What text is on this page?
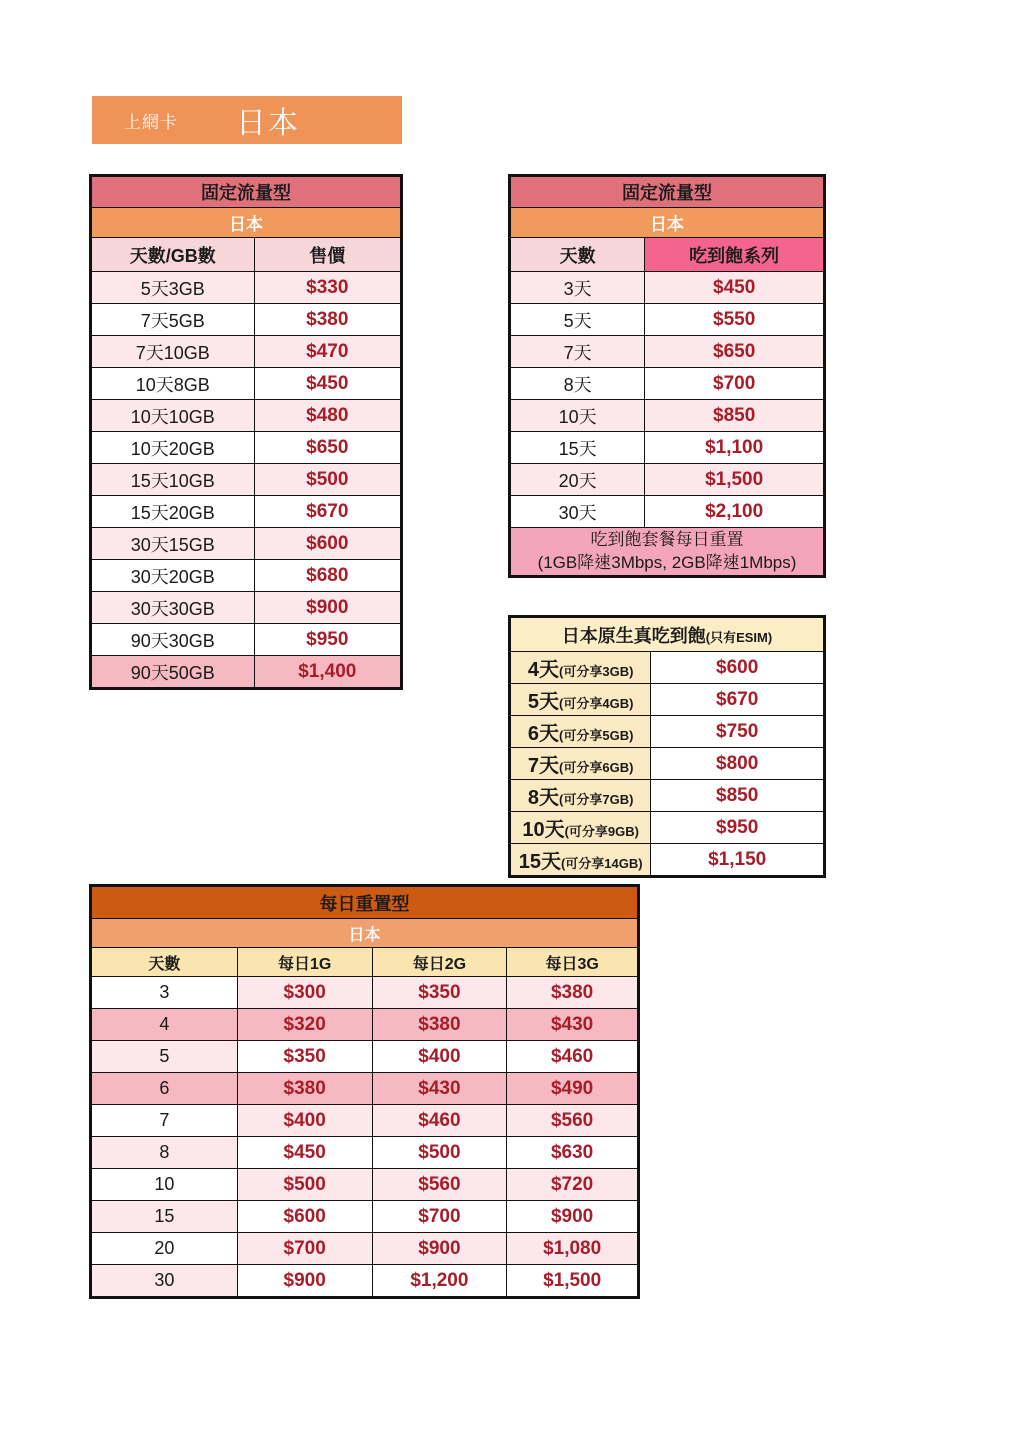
上網卡 日本
固定流量型	
日本	
天數/GB數	售價
5天3GB	$330
7天5GB	$380
7天10GB	$470
10天8GB	$450
10天10GB	$480
10天20GB	$650
15天10GB	$500
15天20GB	$670
30天15GB	$600
30天20GB	$680
30天30GB	$900
90天30GB	$950
90天50GB	$1,400
固定流量型	
日本	
天數	吃到飽系列
3天	$450
5天	$550
7天	$650
8天	$700
10天	$850
15天	$1,100
20天	$1,500
30天	$2,100

吃到飽套餐每日重置
(1GB降速3Mbps, 2GB降速1Mbps)	
日本原生真吃到飽(只有ESIM)	
4天(可分享3GB)	$600
5天(可分享4GB)	$670
6天(可分享5GB)	$750
7天(可分享6GB)	$800
8天(可分享7GB)	$850
10天(可分享9GB)	$950
15天(可分享14GB)	$1,150
每日重置型			
日本			
天數	每日1G	每日2G	每日3G
3	$300	$350	$380
4	$320	$380	$430
5	$350	$400	$460
6	$380	$430	$490
7	$400	$460	$560
8	$450	$500	$630
10	$500	$560	$720
15	$600	$700	$900
20	$700	$900	$1,080
30	$900	$1,200	$1,500
